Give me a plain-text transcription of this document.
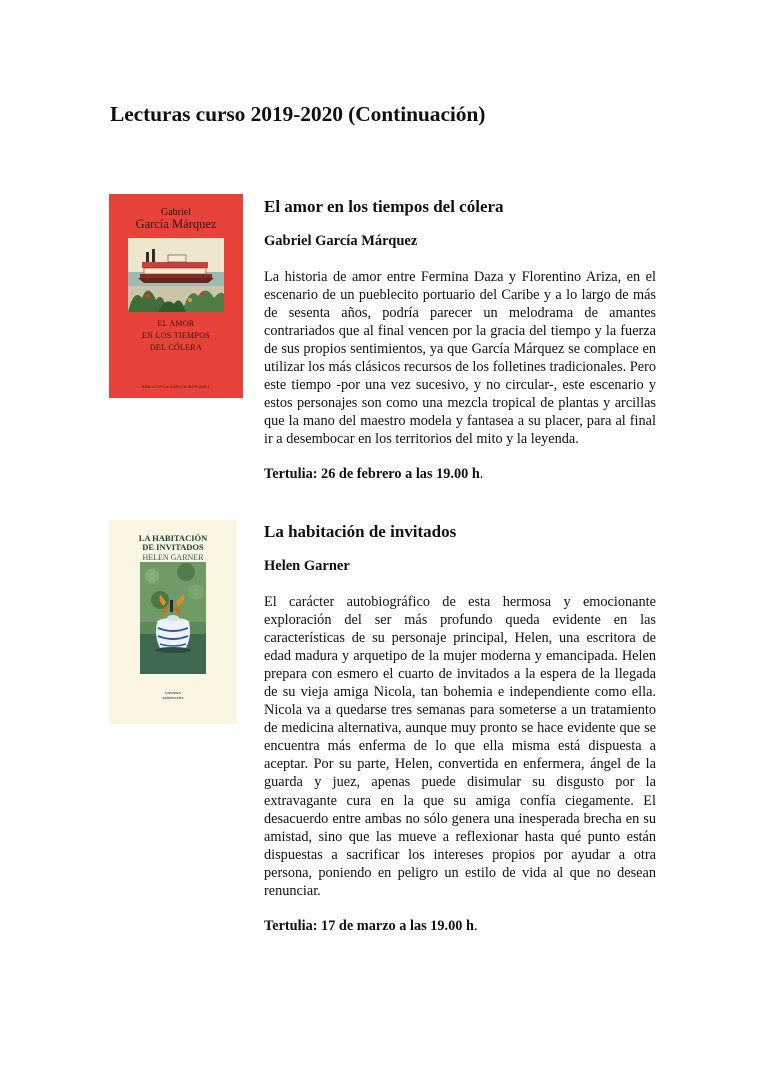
Lecturas curso 2019-2020 (Continuación)
Gabriel
García Márquez
EL AMOR
EN LOS TIEMPOS
DEL CÓLERA
BIBLIOTECA GARCÍA MÁRQUEZ
El amor en los tiempos del cólera

Gabriel García Márquez

La historia de amor entre Fermina Daza y Florentino Ariza, en el escenario de un pueblecito portuario del Caribe y a lo largo de más de sesenta años, podría parecer un melodrama de amantes contrariados que al final vencen por la gracia del tiempo y la fuerza de sus propios sentimientos, ya que García Márquez se complace en utilizar los más clásicos recursos de los folletines tradicionales. Pero este tiempo -por una vez sucesivo, y no circular-, este escenario y estos personajes son como una mezcla tropical de plantas y arcillas que la mano del maestro modela y fantasea a su placer, para al final ir a desembocar en los territorios del mito y la leyenda.

Tertulia: 26 de febrero a las 19.00 h.

LA HABITACIÓN
DE INVITADOS
HELEN GARNER
narrativa
salamandra
La habitación de invitados

Helen Garner

El carácter autobiográfico de esta hermosa y emocionante exploración del ser más profundo queda evidente en las características de su personaje principal, Helen, una escritora de edad madura y arquetipo de la mujer moderna y emancipada. Helen prepara con esmero el cuarto de invitados a la espera de la llegada de su vieja amiga Nicola, tan bohemia e independiente como ella. Nicola va a quedarse tres semanas para someterse a un tratamiento de medicina alternativa, aunque muy pronto se hace evidente que se encuentra más enferma de lo que ella misma está dispuesta a aceptar. Por su parte, Helen, convertida en enfermera, ángel de la guarda y juez, apenas puede disimular su disgusto por la extravagante cura en la que su amiga confía ciegamente. El desacuerdo entre ambas no sólo genera una inesperada brecha en su amistad, sino que las mueve a reflexionar hasta qué punto están dispuestas a sacrificar los intereses propios por ayudar a otra persona, poniendo en peligro un estilo de vida al que no desean renunciar.

Tertulia: 17 de marzo a las 19.00 h.
